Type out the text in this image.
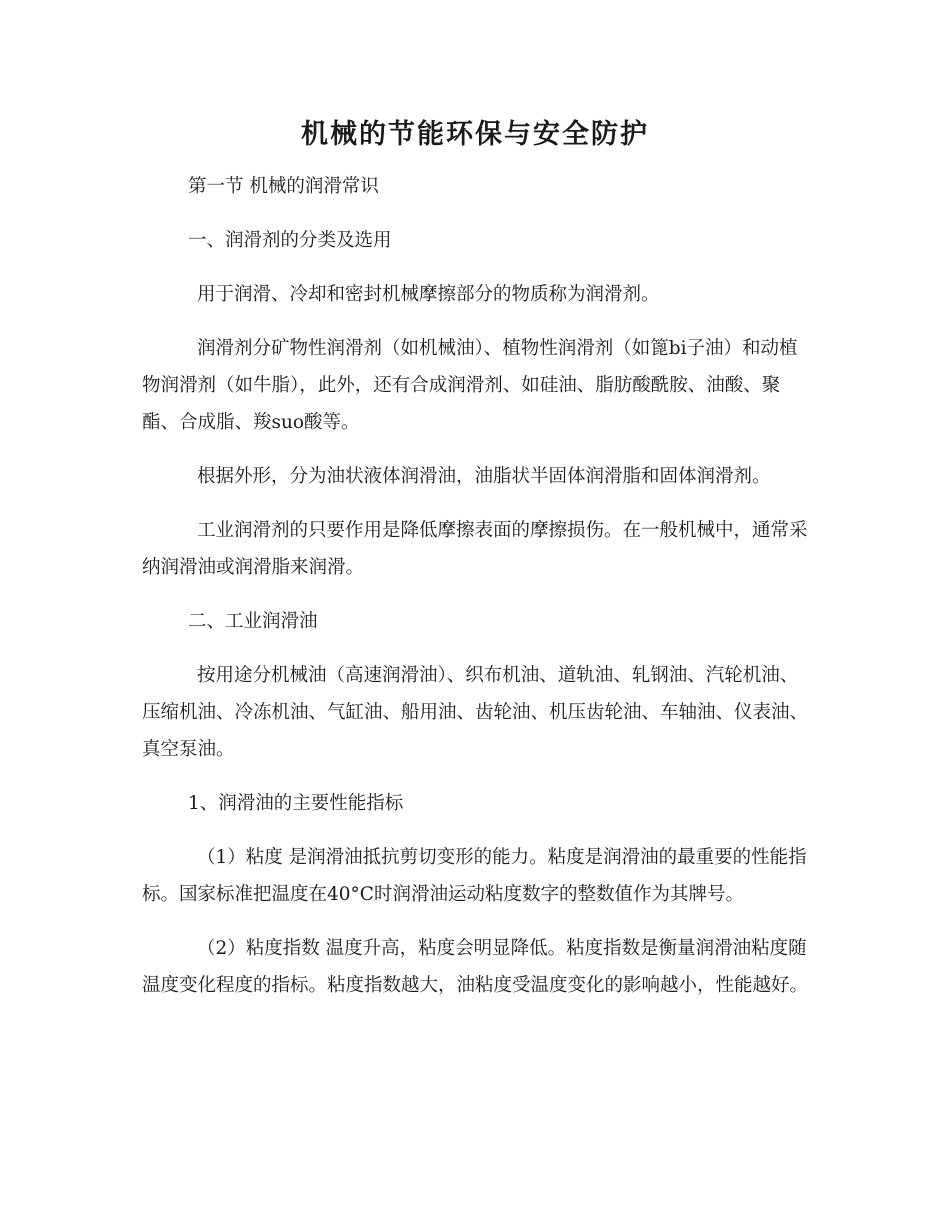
机械的节能环保与安全防护

第一节 机械的润滑常识

一、润滑剂的分类及选用

用于润滑、冷却和密封机械摩擦部分的物质称为润滑剂。

润滑剂分矿物性润滑剂（如机械油）、植物性润滑剂（如篦bi子油）和动植物润滑剂（如牛脂），此外，还有合成润滑剂、如硅油、脂肪酸酰胺、油酸、聚酯、合成脂、羧suo酸等。

根据外形，分为油状液体润滑油，油脂状半固体润滑脂和固体润滑剂。

工业润滑剂的只要作用是降低摩擦表面的摩擦损伤。在一般机械中，通常采纳润滑油或润滑脂来润滑。

二、工业润滑油

按用途分机械油（高速润滑油）、织布机油、道轨油、轧钢油、汽轮机油、压缩机油、冷冻机油、气缸油、船用油、齿轮油、机压齿轮油、车轴油、仪表油、真空泵油。

1、润滑油的主要性能指标

（1）粘度 是润滑油抵抗剪切变形的能力。粘度是润滑油的最重要的性能指标。国家标准把温度在40°C时润滑油运动粘度数字的整数值作为其牌号。

（2）粘度指数 温度升高，粘度会明显降低。粘度指数是衡量润滑油粘度随温度变化程度的指标。粘度指数越大，油粘度受温度变化的影响越小，性能越好。
